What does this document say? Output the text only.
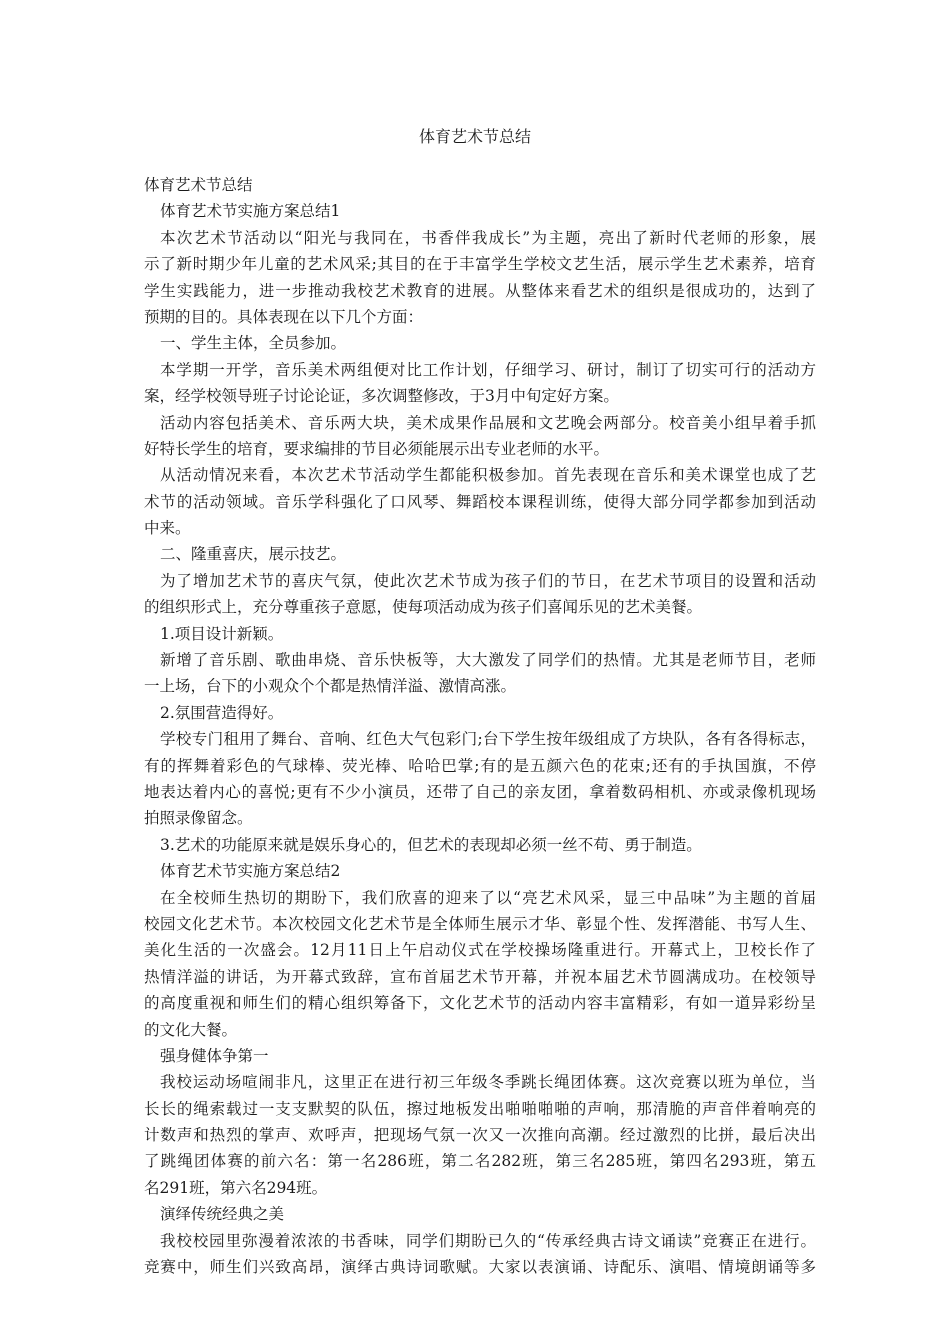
体育艺术节总结
体育艺术节总结
体育艺术节实施方案总结1
本次艺术节活动以“阳光与我同在，书香伴我成长”为主题，亮出了新时代老师的形象，展
示了新时期少年儿童的艺术风采;其目的在于丰富学生学校文艺生活，展示学生艺术素养，培育
学生实践能力，进一步推动我校艺术教育的进展。从整体来看艺术的组织是很成功的，达到了
预期的目的。具体表现在以下几个方面：
一、学生主体，全员参加。
本学期一开学，音乐美术两组便对比工作计划，仔细学习、研讨，制订了切实可行的活动方
案，经学校领导班子讨论论证，多次调整修改，于3月中旬定好方案。
活动内容包括美术、音乐两大块，美术成果作品展和文艺晚会两部分。校音美小组早着手抓
好特长学生的培育，要求编排的节目必须能展示出专业老师的水平。
从活动情况来看，本次艺术节活动学生都能积极参加。首先表现在音乐和美术课堂也成了艺
术节的活动领域。音乐学科强化了口风琴、舞蹈校本课程训练，使得大部分同学都参加到活动
中来。
二、隆重喜庆，展示技艺。
为了增加艺术节的喜庆气氛，使此次艺术节成为孩子们的节日，在艺术节项目的设置和活动
的组织形式上，充分尊重孩子意愿，使每项活动成为孩子们喜闻乐见的艺术美餐。
1.项目设计新颖。
新增了音乐剧、歌曲串烧、音乐快板等，大大激发了同学们的热情。尤其是老师节目，老师
一上场，台下的小观众个个都是热情洋溢、激情高涨。
2.氛围营造得好。
学校专门租用了舞台、音响、红色大气包彩门;台下学生按年级组成了方块队，各有各得标志，
有的挥舞着彩色的气球棒、荧光棒、哈哈巴掌;有的是五颜六色的花束;还有的手执国旗，不停
地表达着内心的喜悦;更有不少小演员，还带了自己的亲友团，拿着数码相机、亦或录像机现场
拍照录像留念。
3.艺术的功能原来就是娱乐身心的，但艺术的表现却必须一丝不苟、勇于制造。
体育艺术节实施方案总结2
在全校师生热切的期盼下，我们欣喜的迎来了以“亮艺术风采，显三中品味”为主题的首届
校园文化艺术节。本次校园文化艺术节是全体师生展示才华、彰显个性、发挥潜能、书写人生、
美化生活的一次盛会。12月11日上午启动仪式在学校操场隆重进行。开幕式上，卫校长作了
热情洋溢的讲话，为开幕式致辞，宣布首届艺术节开幕，并祝本届艺术节圆满成功。在校领导
的高度重视和师生们的精心组织筹备下，文化艺术节的活动内容丰富精彩，有如一道异彩纷呈
的文化大餐。
强身健体争第一
我校运动场喧闹非凡，这里正在进行初三年级冬季跳长绳团体赛。这次竞赛以班为单位，当
长长的绳索载过一支支默契的队伍，擦过地板发出啪啪啪啪的声响，那清脆的声音伴着响亮的
计数声和热烈的掌声、欢呼声，把现场气氛一次又一次推向高潮。经过激烈的比拼，最后决出
了跳绳团体赛的前六名：第一名286班，第二名282班，第三名285班，第四名293班，第五
名291班，第六名294班。
演绎传统经典之美
我校校园里弥漫着浓浓的书香味，同学们期盼已久的“传承经典古诗文诵读”竞赛正在进行。
竞赛中，师生们兴致高昂，演绎古典诗词歌赋。大家以表演诵、诗配乐、演唱、情境朗诵等多
